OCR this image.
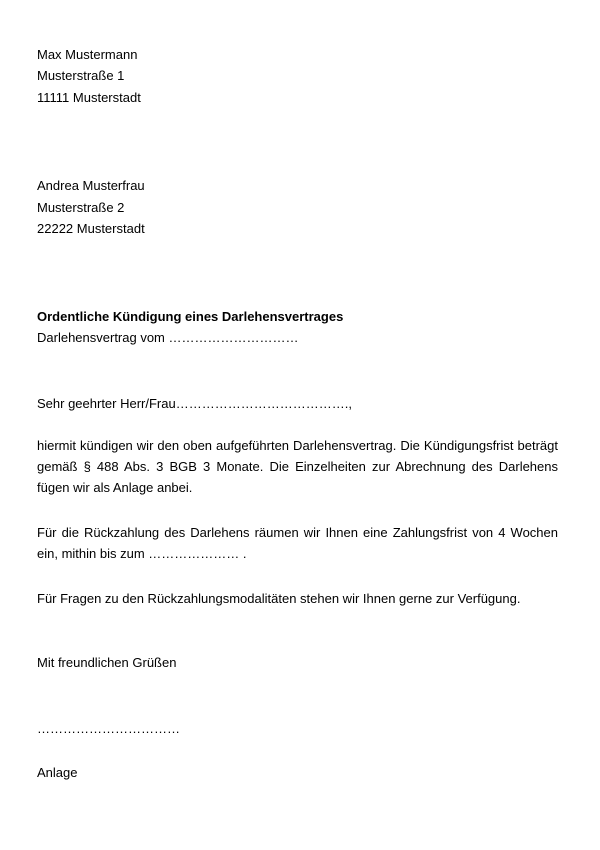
Max Mustermann
Musterstraße 1
11111 Musterstadt
Andrea Musterfrau
Musterstraße 2
22222 Musterstadt
Ordentliche Kündigung eines Darlehensvertrages
Darlehensvertrag vom …………………………
Sehr geehrter Herr/Frau………………………………….,
hiermit kündigen wir den oben aufgeführten Darlehensvertrag. Die Kündigungsfrist beträgt gemäß § 488 Abs. 3 BGB 3 Monate. Die Einzelheiten zur Abrechnung des Darlehens fügen wir als Anlage anbei.
Für die Rückzahlung des Darlehens räumen wir Ihnen eine Zahlungsfrist von 4 Wochen ein, mithin bis zum ………………… .
Für Fragen zu den Rückzahlungsmodalitäten stehen wir Ihnen gerne zur Verfügung.
Mit freundlichen Grüßen
……………………………
Anlage
